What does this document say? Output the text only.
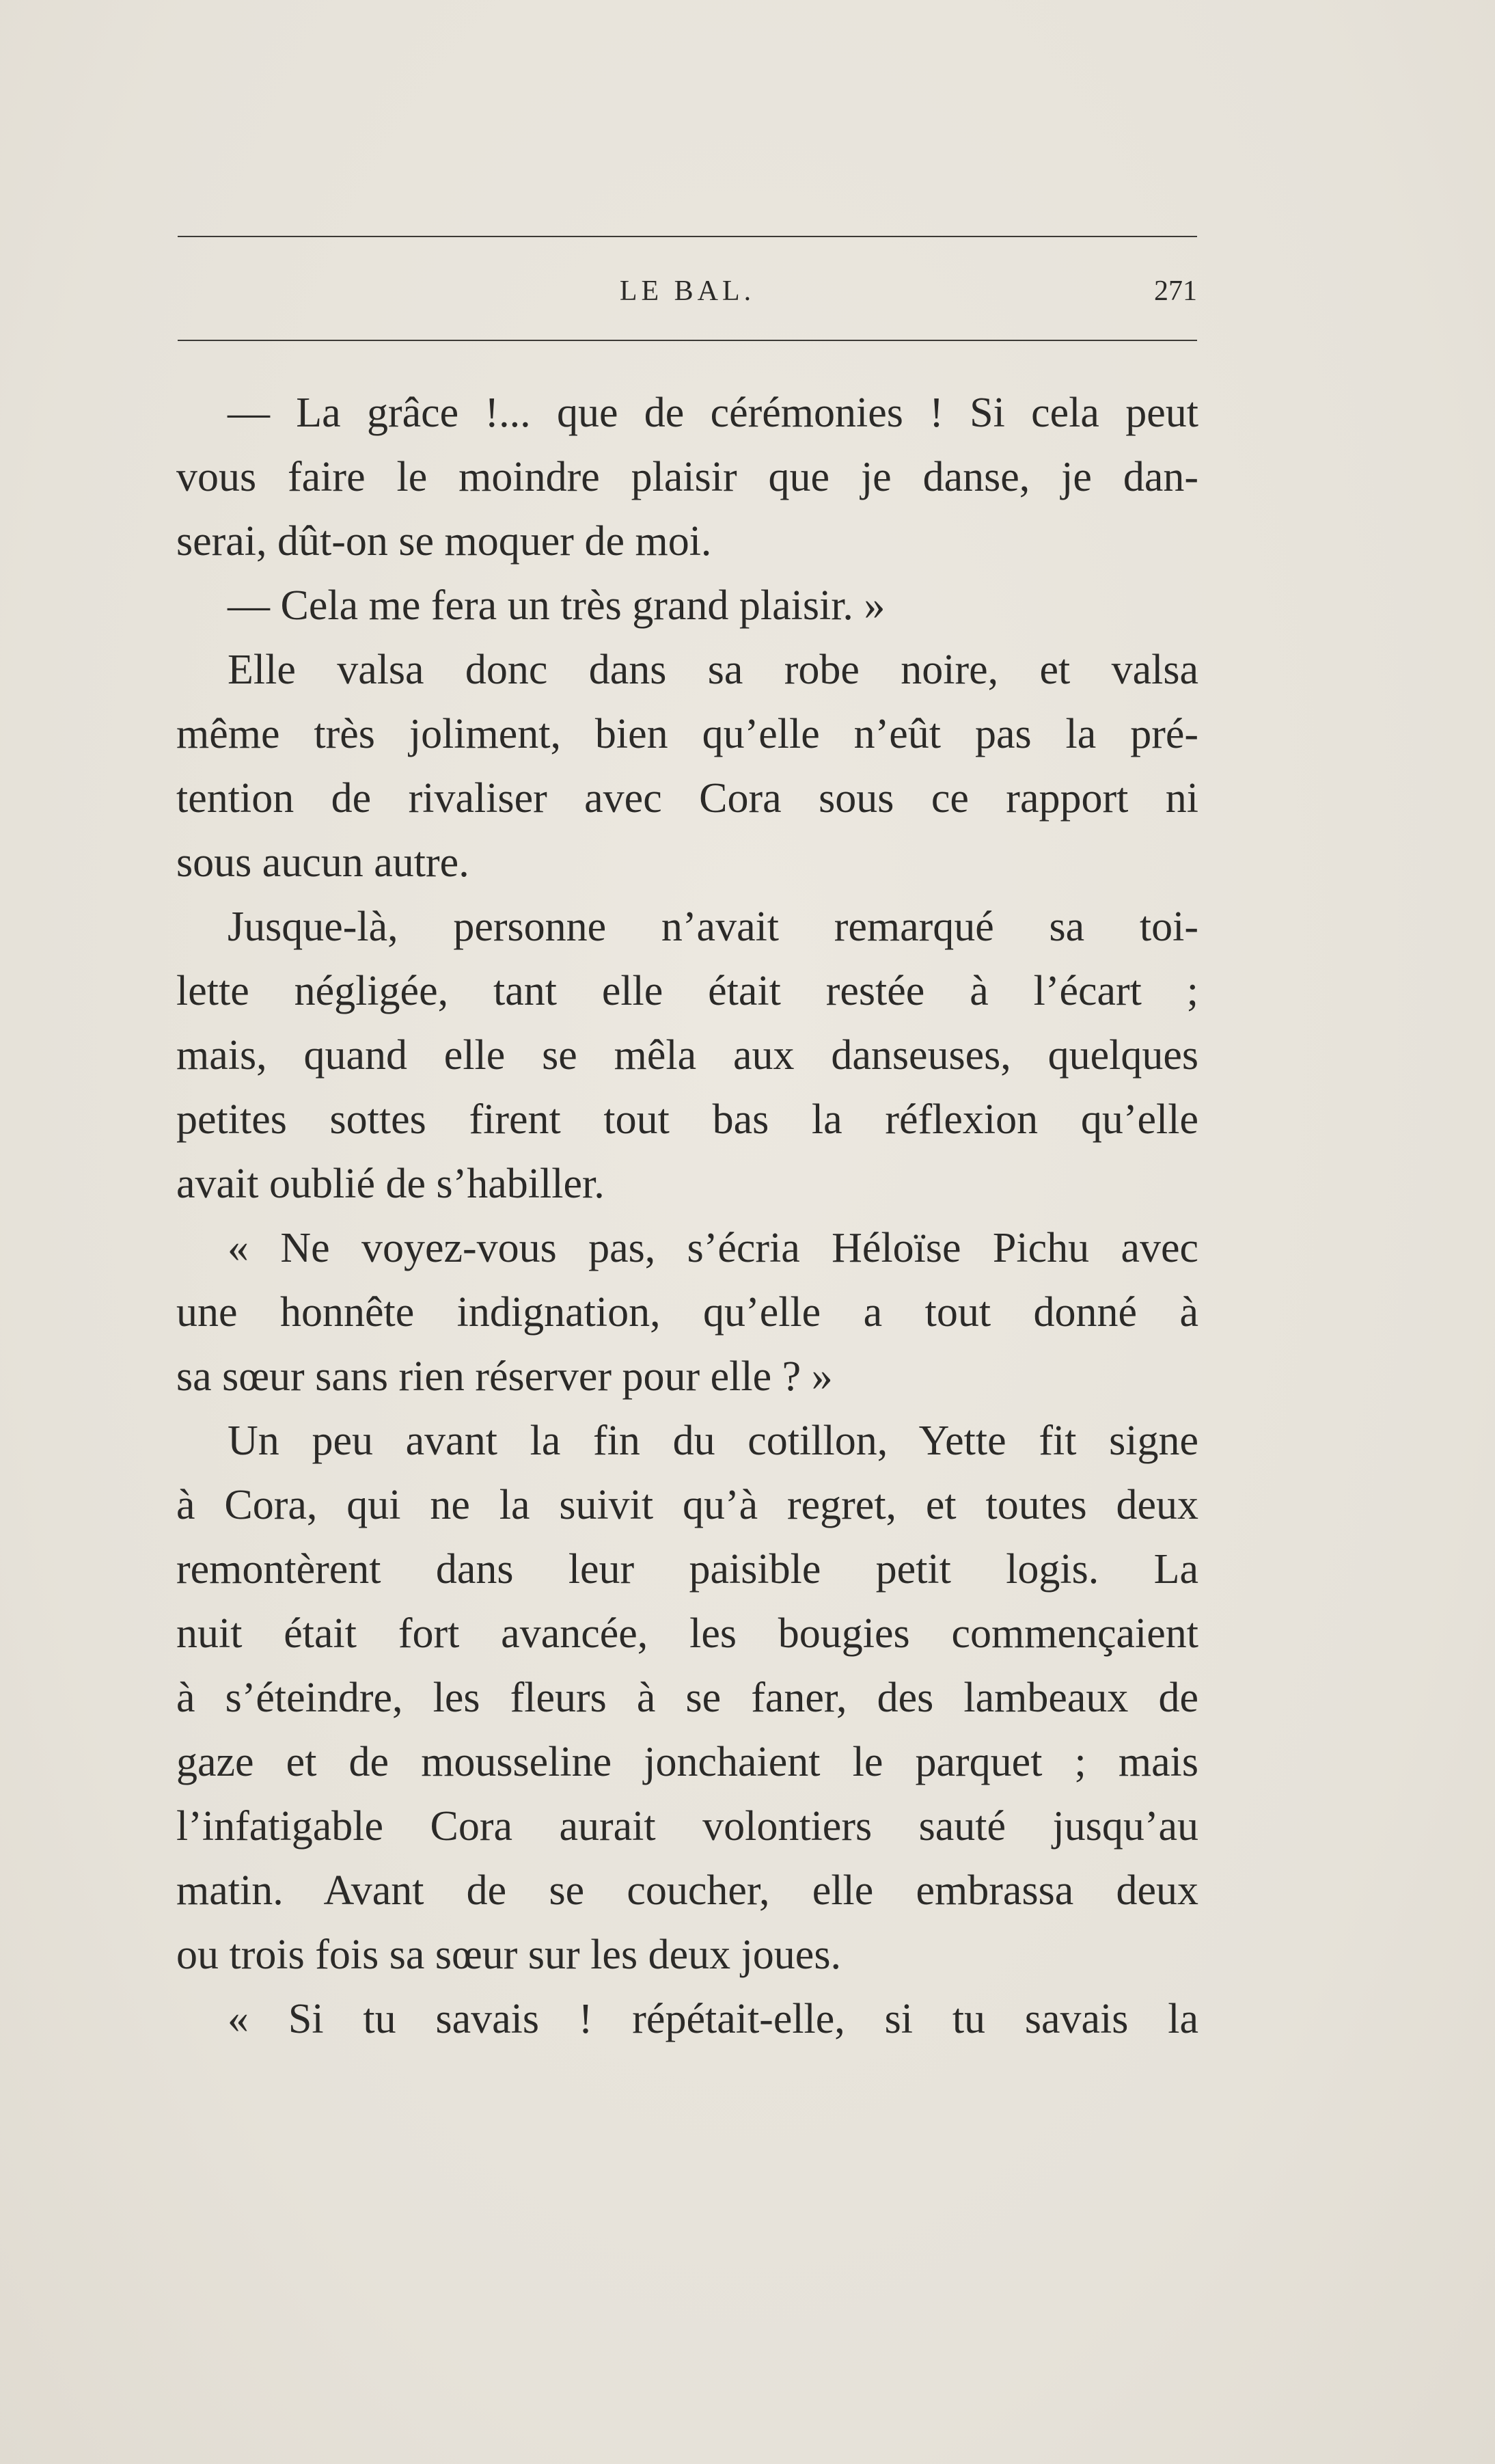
LE BAL.	271
— La grâce !... que de cérémonies ! Si cela peut
vous faire le moindre plaisir que je danse, je dan-
serai, dût-on se moquer de moi.
— Cela me fera un très grand plaisir. »
Elle valsa donc dans sa robe noire, et valsa
même très joliment, bien qu’elle n’eût pas la pré-
tention de rivaliser avec Cora sous ce rapport ni
sous aucun autre.
Jusque-là, personne n’avait remarqué sa toi-
lette négligée, tant elle était restée à l’écart ;
mais, quand elle se mêla aux danseuses, quelques
petites sottes firent tout bas la réflexion qu’elle
avait oublié de s’habiller.
« Ne voyez-vous pas, s’écria Héloïse Pichu avec
une honnête indignation, qu’elle a tout donné à
sa sœur sans rien réserver pour elle ? »
Un peu avant la fin du cotillon, Yette fit signe
à Cora, qui ne la suivit qu’à regret, et toutes deux
remontèrent dans leur paisible petit logis. La
nuit était fort avancée, les bougies commençaient
à s’éteindre, les fleurs à se faner, des lambeaux de
gaze et de mousseline jonchaient le parquet ; mais
l’infatigable Cora aurait volontiers sauté jusqu’au
matin. Avant de se coucher, elle embrassa deux
ou trois fois sa sœur sur les deux joues.
« Si tu savais ! répétait-elle, si tu savais la
